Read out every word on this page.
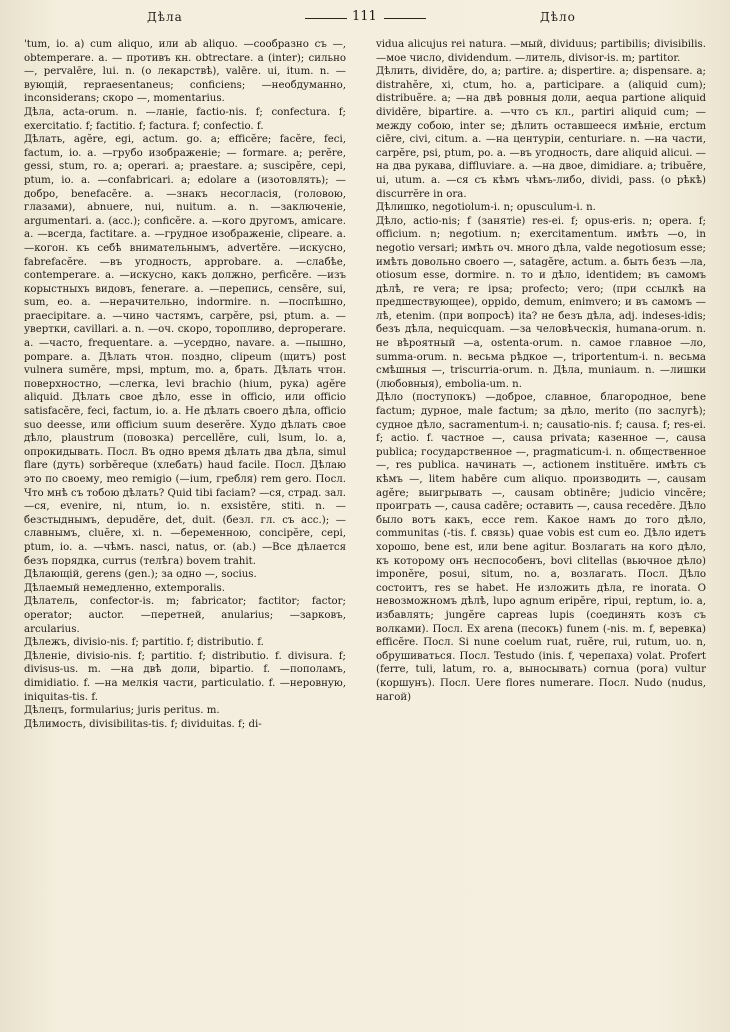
Дѣла	111	Дѣло

'tum, io. a) cum aliquo, или ab aliquo. —сообразно съ —, obtemperare. a. — противъ кн. obtrectare. a (inter); сильно —, pervalēre, lui. n. (о лекарствѣ), valēre. ui, itum. n. —вующій, repraesentaneus; conficiens; —необдуманно, inconsiderans; скоро —, momentarius.

Дѣла, acta-orum. n. —ланіе, factio-nis. f; confectura. f; exercitatio. f; factitio. f; factura. f; confectio. f.

Дѣлать, agĕre, egi, actum. go. a; efficĕre; facĕre, feci, factum, io. a. —грубо изображеніе; — formare. a; perĕre, gessi, stum, ro. a; operari. a; praestare. a; suscipĕre, cepi, ptum, io. a. —confabricari. a; edolare a (изотовлять); —добро, benefacĕre. a. —знакъ несогласія, (головою, глазами), abnuere, nui, nuitum. a. n. —заключеніе, argumentari. a. (acc.); conficĕre. a. —кого другомъ, amicare. a. —всегда, factitare. a. —грудное изображеніе, clipeare. a. —когон. къ себѣ внимательнымъ, advertĕre. —искусно, fabrefacĕre. —въ угодность, approbare. a. —слабѣе, contemperare. a. —искусно, какъ должно, perficĕre. —изъ корыстныхъ видовъ, fenerare. a. —перепись, censēre, sui, sum, eo. a. —нерачительно, indormire. n. —поспѣшно, praecipitare. a. —чино частямъ, carpĕre, psi, ptum. a. —увертки, cavillari. a. n. —оч. скоро, торопливо, deproperare. a. —часто, frequentare. a. —усердно, navare. a. —пышно, pompare. a. Дѣлать чтон. поздно, clipeum (щитъ) post vulnera sumĕre, mpsi, mptum, mo. a, брать. Дѣлать чтон. поверхностно, —слегка, levi brachio (hium, рука) agĕre aliquid. Дѣлать свое дѣло, esse in officio, или officio satisfacĕre, feci, factum, io. a. Не дѣлать своего дѣла, officio suo deesse, или officium suum deserĕre. Худо дѣлать свое дѣло, plaustrum (повозка) percellĕre, culi, lsum, lo. a, опрокидывать. Посл. Въ одно время дѣлать два дѣла, simul flare (дуть) sorbĕreque (хлебать) haud facile. Посл. Дѣлаю это по своему, meo remigio (—ium, гребля) rem gero. Посл. Что мнѣ съ тобою дѣлать? Quid tibi faciam? —ся, страд. зал. —ся, evenire, ni, ntum, io. n. exsistĕre, stiti. n. —безстыднымъ, depudĕre, det, duit. (безл. гл. съ acc.); —славнымъ, cluĕre, xi. n. —беременною, concipĕre, cepi, ptum, io. a. —чѣмъ. nasci, natus, or. (ab.) —Все дѣлается безъ порядка, currus (телѣга) bovem trahit.

Дѣлающій, gerens (gen.); за одно —, socius.

Дѣлаемый немедленно, extemporalis.

Дѣлатель, confector-is. m; fabricator; factitor; factor; operator; auctor. —перетней, anularius; —зарковъ, arcularius.

Дѣлежъ, divisio-nis. f; partitio. f; distributio. f.

Дѣленіе, divisio-nis. f; partitio. f; distributio. f. divisura. f; divisus-us. m. —на двѣ доли, bipartio. f. —пополамъ, dimidiatio. f. —на мелкія части, particulatio. f. —неровную, iniquitas-tis. f.

Дѣлецъ, formularius; juris peritus. m.

Дѣлимость, divisibilitas-tis. f; dividuitas. f; di-

vidua alicujus rei natura. —мый, dividuus; partibilis; divisibilis. —мое число, dividendum. —литель, divisor-is. m; partitor.

Дѣлить, dividĕre, do, a; partire. a; dispertire. a; dispensare. a; distrahĕre, xi, ctum, ho. a, participare. a (aliquid cum); distribuĕre. a; —на двѣ ровныя доли, aequa partione aliquid dividĕre, bipartire. a. —что съ кл., partiri aliquid cum; —между собою, inter se; дѣлить оставшееся имѣніе, erctum ciēre, civi, citum. a. —на центуріи, centuriare. n. —на части, carpĕre, psi, ptum, po. a. —въ угодность, dare aliquid alicui. —на два рукава, diffluviare. a. —на двое, dimidiare. a; tribuĕre, ui, utum. a. —ся съ кѣмъ чѣмъ-либо, dividi, pass. (о рѣкѣ) discurrĕre in ora.

Дѣлишко, negotiolum-i. n; opusculum-i. n.

Дѣло, actio-nis; f (занятіе) res-ei. f; opus-eris. n; opera. f; officium. n; negotium. n; exercitamentum. имѣть —о, in negotio versari; имѣть оч. много дѣла, valde negotiosum esse; имѣть довольно своего —, satagĕre, actum. a. быть безъ —ла, otiosum esse, dormire. n. то и дѣло, identidem; въ самомъ дѣлѣ, re vera; re ipsa; profecto; vero; (при ссылкѣ на предшествующее), oppido, demum, enimvero; и въ самомъ —лѣ, etenim. (при вопросѣ) ita? не безъ дѣла, adj. indeses-idis; безъ дѣла, nequicquam. —за человѣческія, humana-orum. n. не вѣроятный —а, ostenta-orum. n. самое главное —ло, summa-orum. n. весьма рѣдкое —, triportentum-i. n. весьма смѣшныя —, triscurria-orum. n. Дѣла, muniaum. n. —лишки (любовныя), embolia-um. n.

Дѣло (поступокъ) —доброе, славное, благородное, bene factum; дурное, male factum; за дѣло, merito (по заслугѣ); судное дѣло, sacramentum-i. n; causatio-nis. f; causa. f; res-ei. f; actio. f. частное —, causa privata; казенное —, causa publica; государственное —, pragmaticum-i. n. общественное —, res publica. начинать —, actionem instituĕre. имѣть съ кѣмъ —, litem habēre cum aliquo. производить —, causam agĕre; выигрывать —, causam obtinēre; judicio vincĕre; проиграть —, causa cadĕre; оставить —, causa recedĕre. Дѣло было вотъ какъ, ecce rem. Какое намъ до того дѣло, communitas (-tis. f. связь) quae vobis est cum eo. Дѣло идетъ хорошо, bene est, или bene agitur. Возлагать на кого дѣло, къ которому онъ неспособенъ, bovi clitellas (вьючное дѣло) imponĕre, posui, situm, no. a, возлагать. Посл. Дѣло состоитъ, res se habet. Не изложить дѣла, re inorata. О невозможномъ дѣлѣ, lupo agnum eripĕre, ripui, reptum, io. a, избавлять; jungĕre capreas lupis (соединять козъ съ волками). Посл. Ex arena (песокъ) funem (-nis. m. f, веревка) efficĕre. Посл. Si nune coelum ruat, ruĕre, rui, rutum, uo. n, обрушиваться. Посл. Testudo (inis. f, черепаха) volat. Profert (ferre, tuli, latum, ro. a, выносывать) cornua (рога) vultur (коршунъ). Посл. Uere flores numerare. Посл. Nudo (nudus, нагой)
